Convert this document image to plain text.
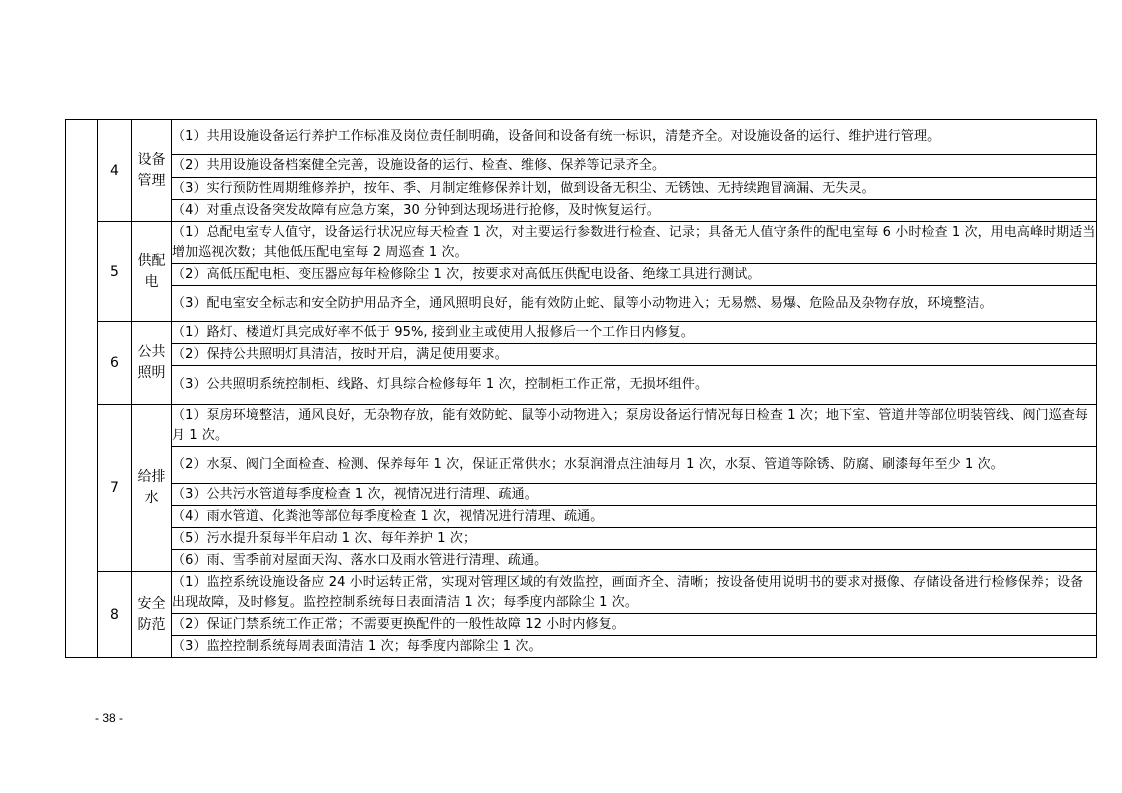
	4	设备管理	（1）共用设施设备运行养护工作标准及岗位责任制明确，设备间和设备有统一标识，清楚齐全。对设施设备的运行、维护进行管理。
			（2）共用设施设备档案健全完善，设施设备的运行、检查、维修、保养等记录齐全。
			（3）实行预防性周期维修养护，按年、季、月制定维修保养计划，做到设备无积尘、无锈蚀、无持续跑冒滴漏、无失灵。
			（4）对重点设备突发故障有应急方案，30 分钟到达现场进行抢修，及时恢复运行。
	5	供配电	（1）总配电室专人值守，设备运行状况应每天检查 1 次，对主要运行参数进行检查、记录；具备无人值守条件的配电室每 6 小时检查 1 次，用电高峰时期适当增加巡视次数；其他低压配电室每 2 周巡查 1 次。
			（2）高低压配电柜、变压器应每年检修除尘 1 次，按要求对高低压供配电设备、绝缘工具进行测试。
			（3）配电室安全标志和安全防护用品齐全，通风照明良好，能有效防止蛇、鼠等小动物进入；无易燃、易爆、危险品及杂物存放，环境整洁。
	6	公共照明	（1）路灯、楼道灯具完成好率不低于 95%, 接到业主或使用人报修后一个工作日内修复。
			（2）保持公共照明灯具清洁，按时开启，满足使用要求。
			（3）公共照明系统控制柜、线路、灯具综合检修每年 1 次，控制柜工作正常，无损坏组件。
	7	给排水	（1）泵房环境整洁，通风良好，无杂物存放，能有效防蛇、鼠等小动物进入；泵房设备运行情况每日检查 1 次；地下室、管道井等部位明装管线、阀门巡查每月 1 次。
			（2）水泵、阀门全面检查、检测、保养每年 1 次，保证正常供水；水泵润滑点注油每月 1 次，水泵、管道等除锈、防腐、刷漆每年至少 1 次。
			（3）公共污水管道每季度检查 1 次，视情况进行清理、疏通。
			（4）雨水管道、化粪池等部位每季度检查 1 次，视情况进行清理、疏通。
			（5）污水提升泵每半年启动 1 次、每年养护 1 次；
			（6）雨、雪季前对屋面天沟、落水口及雨水管进行清理、疏通。
	8	安全防范	（1）监控系统设施设备应 24 小时运转正常，实现对管理区域的有效监控，画面齐全、清晰；按设备使用说明书的要求对摄像、存储设备进行检修保养；设备出现故障，及时修复。监控控制系统每日表面清洁 1 次；每季度内部除尘 1 次。
			（2）保证门禁系统工作正常；不需要更换配件的一般性故障 12 小时内修复。
			（3）监控控制系统每周表面清洁 1 次；每季度内部除尘 1 次。
- 38 -
